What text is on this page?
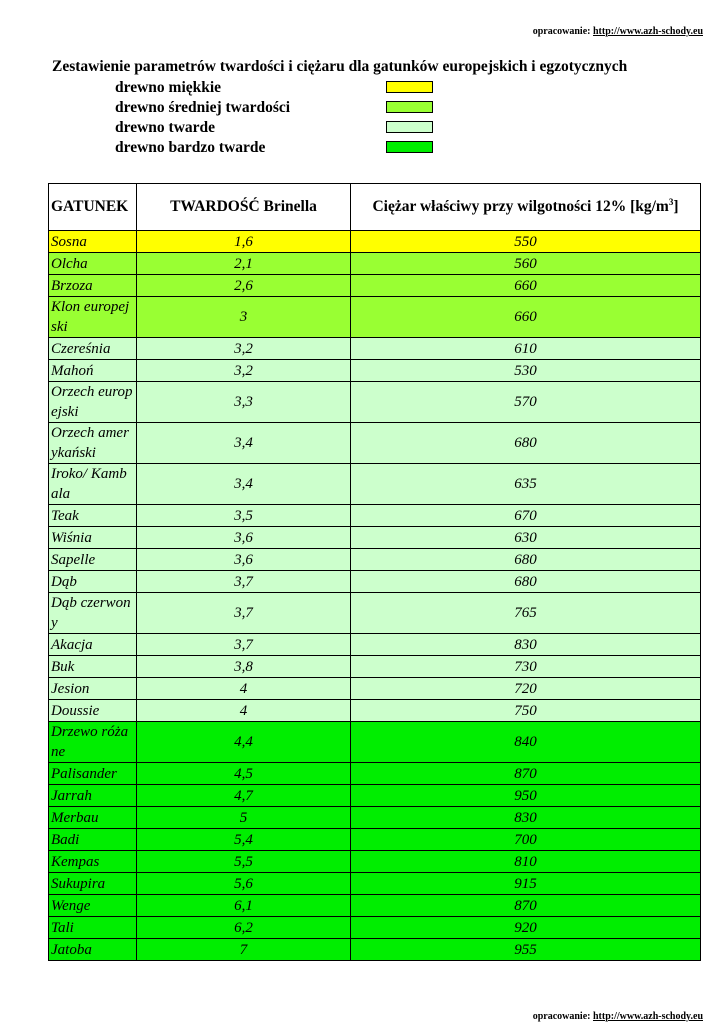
opracowanie: http://www.azh-schody.eu
Zestawienie parametrów twardości i ciężaru dla gatunków europejskich i egzotycznych
drewno miękkie
drewno średniej twardości
drewno twarde
drewno bardzo twarde
GATUNEK	TWARDOŚĆ Brinella	Ciężar właściwy przy wilgotności 12% $[kg/m^3]$
Sosna	1,6	550
Olcha	2,1	560
Brzoza	2,6	660
Klon europejski	3	660
Czereśnia	3,2	610
Mahoń	3,2	530
Orzech europejski	3,3	570
Orzech amerykański	3,4	680
Iroko/ Kambala	3,4	635
Teak	3,5	670
Wiśnia	3,6	630
Sapelle	3,6	680
Dąb	3,7	680
Dąb czerwony	3,7	765
Akacja	3,7	830
Buk	3,8	730
Jesion	4	720
Doussie	4	750
Drzewo różane	4,4	840
Palisander	4,5	870
Jarrah	4,7	950
Merbau	5	830
Badi	5,4	700
Kempas	5,5	810
Sukupira	5,6	915
Wenge	6,1	870
Tali	6,2	920
Jatoba	7	955
opracowanie: http://www.azh-schody.eu
